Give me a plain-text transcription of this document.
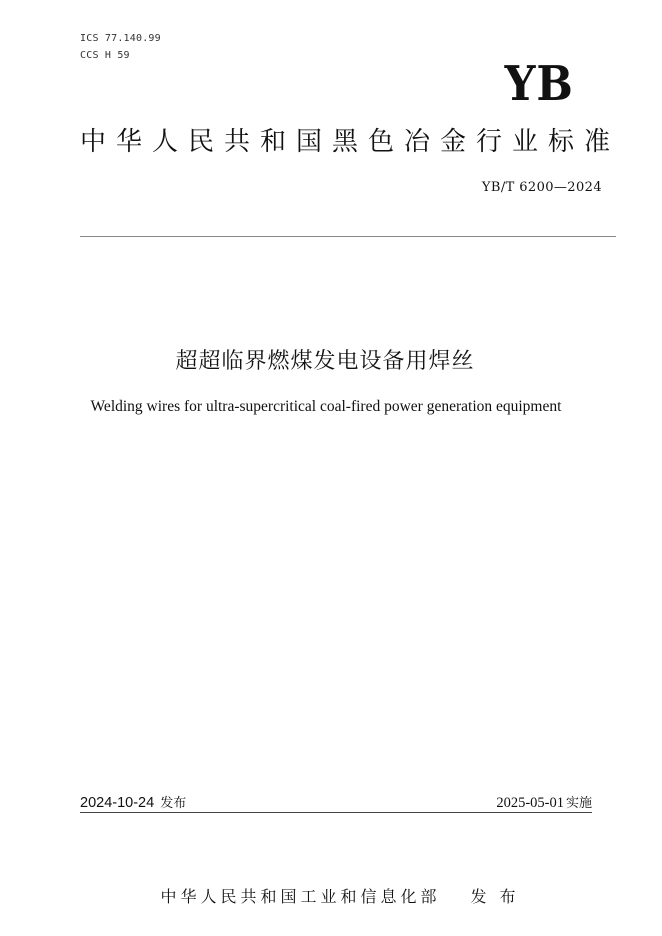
ICS 77.140.99
CCS H 59
YB
中华人民共和国黑色冶金行业标准
YB/T 6200—2024
超超临界燃煤发电设备用焊丝
Welding wires for ultra-supercritical coal-fired power generation equipment
2024-10-24 发布	2025-05-01 实施
中华人民共和国工业和信息化部 发 布
